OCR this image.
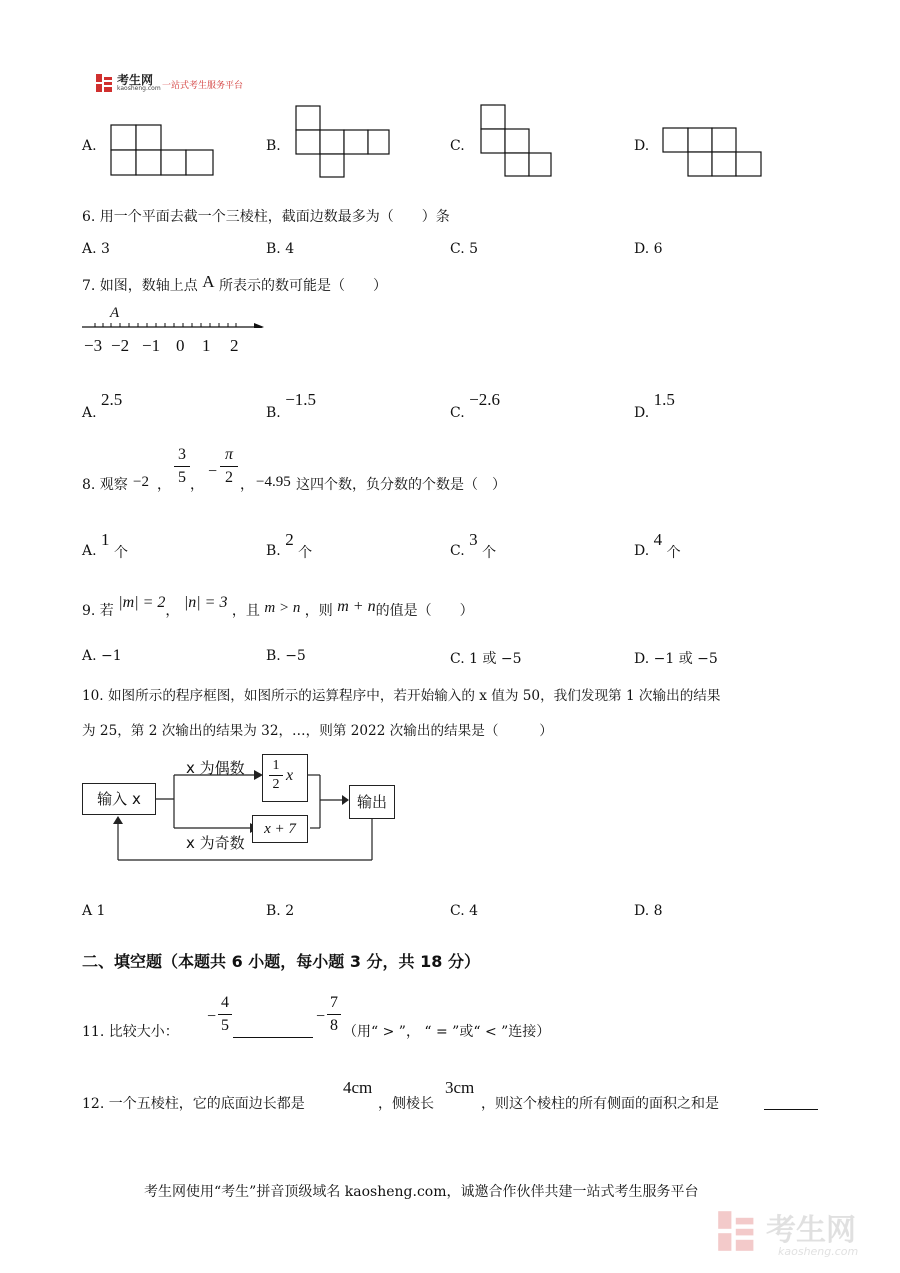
考生网
kaosheng.com 一站式考生服务平台
A.	B.	C.	D.
6. 用一个平面去截一个三棱柱，截面边数最多为（　　）条
A. 3	B. 4	C. 5	D. 6
7. 如图，数轴上点 A 所表示的数可能是（　　）
A
−3 −2 −1 0 1 2
A. 2.5
B. −1.5
C. −2.6
D. 1.5
8. 观察 −2 ，
3
5 ，
−
π
2 ， −4.95 这四个数，负分数的个数是（　）
A. 1 个	B. 2 个	C. 3 个	D. 4 个
9. 若 |m| = 2， |n| = 3 ，且 m > n ，则 m + n的值是（　　）
A. −1	B. −5	C. 1 或 −5	D. −1 或 −5
10. 如图所示的程序框图，如图所示的运算程序中，若开始输入的 x 值为 50，我们发现第 1 次输出的结果
为 25，第 2 次输出的结果为 32，…，则第 2022 次输出的结果是（　　　）
输入 x
x 为偶数
x 为奇数
1
2
x
x + 7
输出
A 1	B. 2	C. 4	D. 8
二、填空题（本题共 6 小题，每小题 3 分，共 18 分）
11. 比较大小：
−
4
5
−
7
8 （用“ > ”， “ = ”或“ < ”连接）
12. 一个五棱柱，它的底面边长都是
4cm
，侧棱长
3cm
，则这个棱柱的所有侧面的面积之和是
考生网使用“考生”拼音顶级域名 kaosheng.com，诚邀合作伙伴共建一站式考生服务平台
考生网
kaosheng.com
